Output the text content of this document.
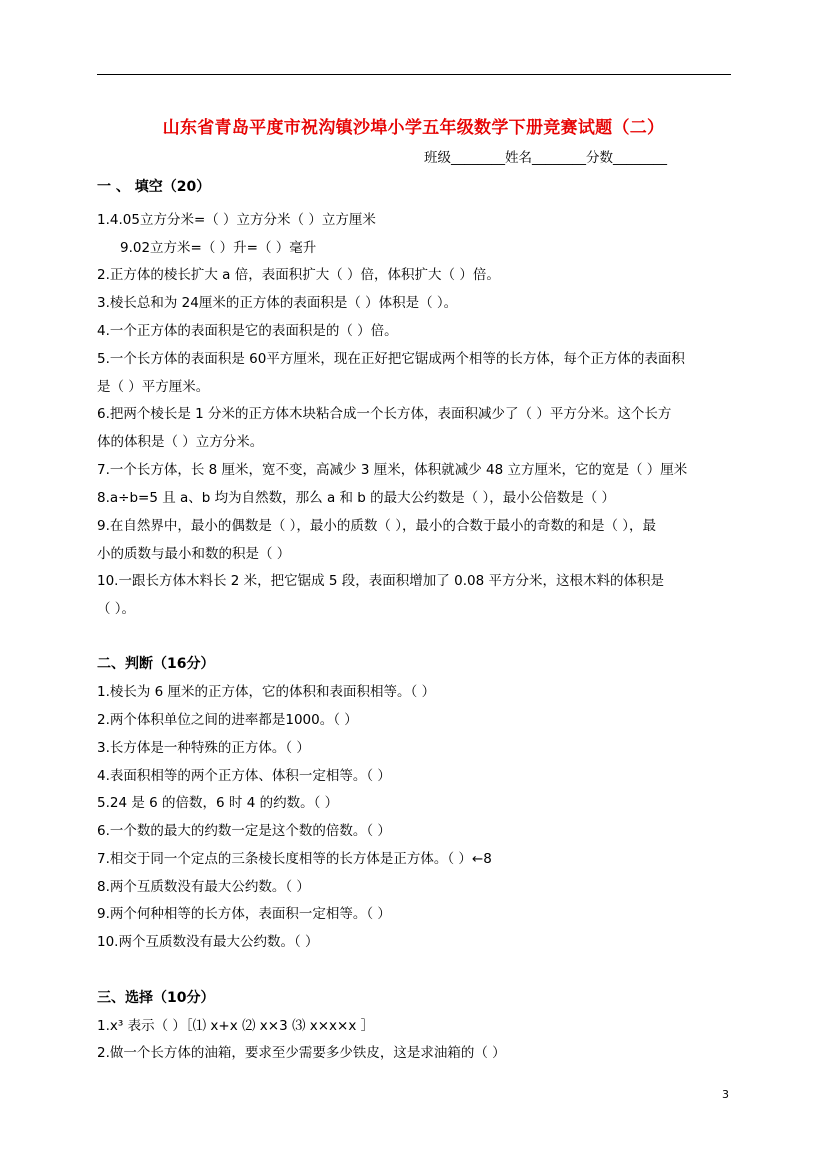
山东省青岛平度市祝沟镇沙埠小学五年级数学下册竞赛试题（二）
班级________姓名________分数________
一 、 填空（20）
1.4.05立方分米=（ ）立方分米（ ）立方厘米
9.02立方米=（ ）升=（ ）毫升
2.正方体的棱长扩大 a 倍，表面积扩大（ ）倍，体积扩大（ ）倍。
3.棱长总和为 24厘米的正方体的表面积是（ ）体积是（ ）。
4.一个正方体的表面积是它的表面积是的（ ）倍。
5.一个长方体的表面积是 60平方厘米，现在正好把它锯成两个相等的长方体，每个正方体的表面积
是（ ）平方厘米。
6.把两个棱长是 1 分米的正方体木块粘合成一个长方体，表面积减少了（ ）平方分米。这个长方
体的体积是（ ）立方分米。
7.一个长方体，长 8 厘米，宽不变，高减少 3 厘米，体积就减少 48 立方厘米，它的宽是（ ）厘米
8.a÷b=5 且 a、b 均为自然数，那么 a 和 b 的最大公约数是（ ），最小公倍数是（ ）
9.在自然界中，最小的偶数是（ ），最小的质数（ ），最小的合数于最小的奇数的和是（ ），最
小的质数与最小和数的积是（ ）
10.一跟长方体木料长 2 米，把它锯成 5 段，表面积增加了 0.08 平方分米，这根木料的体积是
（ ）。
二、判断（16分）
1.棱长为 6 厘米的正方体，它的体积和表面积相等。（ ）
2.两个体积单位之间的进率都是1000。（ ）
3.长方体是一种特殊的正方体。（ ）
4.表面积相等的两个正方体、体积一定相等。（ ）
5.24 是 6 的倍数，6 时 4 的约数。（ ）
6.一个数的最大的约数一定是这个数的倍数。（ ）
7.相交于同一个定点的三条棱长度相等的长方体是正方体。（ ）←8
8.两个互质数没有最大公约数。（ ）
9.两个何种相等的长方体，表面积一定相等。（ ）
10.两个互质数没有最大公约数。（ ）
三、选择（10分）
1.x³ 表示（ ）［⑴ x+x ⑵ x×3 ⑶ x×x×x ］
2.做一个长方体的油箱，要求至少需要多少铁皮，这是求油箱的（ ）
3
